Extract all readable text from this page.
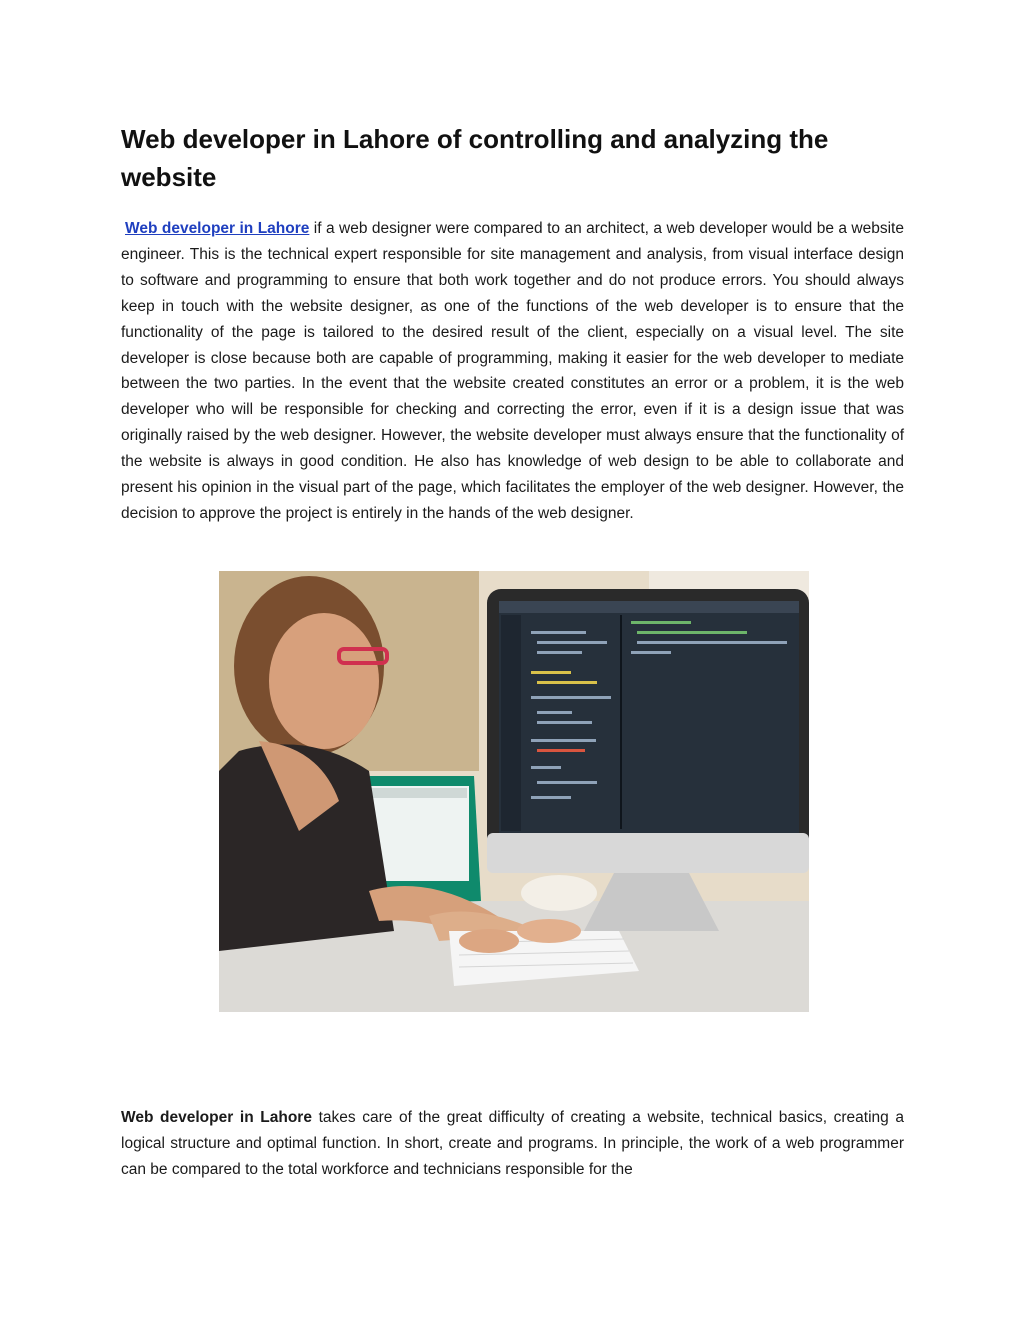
Web developer in Lahore of controlling and analyzing the website

Web developer in Lahore if a web designer were compared to an architect, a web developer would be a website engineer. This is the technical expert responsible for site management and analysis, from visual interface design to software and programming to ensure that both work together and do not produce errors. You should always keep in touch with the website designer, as one of the functions of the web developer is to ensure that the functionality of the page is tailored to the desired result of the client, especially on a visual level. The site developer is close because both are capable of programming, making it easier for the web developer to mediate between the two parties. In the event that the website created constitutes an error or a problem, it is the web developer who will be responsible for checking and correcting the error, even if it is a design issue that was originally raised by the web designer. However, the website developer must always ensure that the functionality of the website is always in good condition. He also has knowledge of web design to be able to collaborate and present his opinion in the visual part of the page, which facilitates the employer of the web designer. However, the decision to approve the project is entirely in the hands of the web designer.

Web developer in Lahore takes care of the great difficulty of creating a website, technical basics, creating a logical structure and optimal function. In short, create and programs. In principle, the work of a web programmer can be compared to the total workforce and technicians responsible for the
